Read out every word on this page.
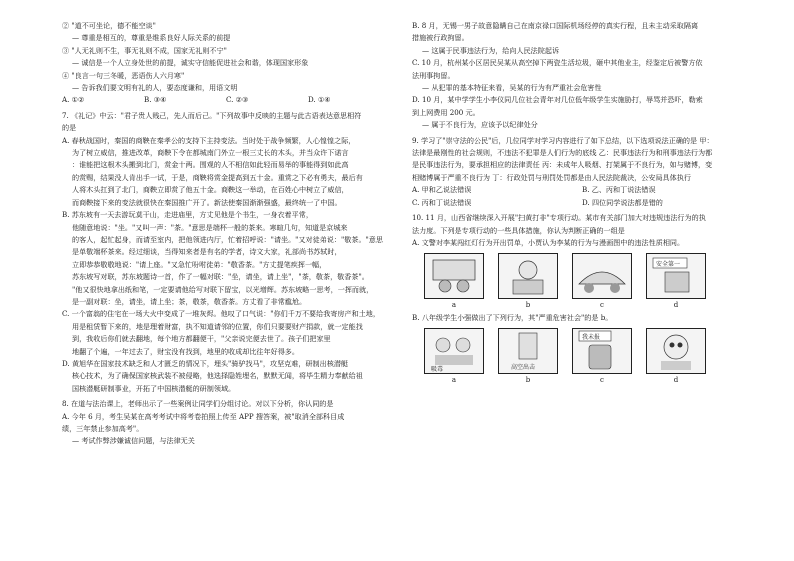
② "道不可坐论，德不能空谈"
— 尊重是相互的，尊重是维系良好人际关系的前提
③ "人无礼则不生，事无礼则不成，国家无礼则不宁"
— 诚信是一个人立身处世的前提，诚实守信能促进社会和谐，体现国家形象
④ "良言一句三冬暖，恶语伤人六月寒"
— 告诉我们要文明有礼的人，要态度谦和，用语文明
A. ①②	B. ③④	C. ②③	D. ①④
7. 《礼记》中云："君子贵人贱己，先人而后己。"下列故事中反映的主题与此古语表达意思相符
的是
A. 春秋战国时，秦国的商鞅在秦孝公的支持下主持变法。当时处于战争频繁，人心惶惶之际，
为了树立威信，推进改革，商鞅下令在都城南门外立一根三丈长的木头，并当众许下诺言
：谁能把这根木头搬到北门，赏金十两。围观的人不相信如此轻而易举的事能得到如此高
的赏赐，结果没人肯出手一试，于是，商鞅将赏金提高到五十金。重赏之下必有勇夫，最后有
人将木头扛到了北门，商鞅立即赏了他五十金。商鞅这一举动，在百姓心中树立了威信，
而商鞅接下来的变法就很快在秦国推广开了。新法使秦国渐渐强盛，最终统一了中国。
B. 苏东坡有一天去游玩莫干山，走进庙里，方丈见他是个书生，一身衣着平常，
他随意地说："坐。"又叫一声："茶。"意思是端杯一般的茶来。寒暄几句，知道是京城来
的客人，起忙起身，而请至室内，把他领进内厅，忙着招呼说："请坐。"又对徒弟说："敬茶。"意思
是单敬端杯茶来。经过细谈，当得知来者是有名的学者，诗文大家，礼部尚书苏轼时，
立即恭恭敬敬地说："请上座。"又急忙吩咐徒弟："敬香茶。"方丈提笔疾挥一幅，
苏东坡写对联，苏东坡题诗一首，作了一幅对联："坐，请坐，请上坐"，"茶，敬茶，敬香茶"。
"他又很快地拿出纸和笔，一定要请他给写对联下留宝，以光增辉。苏东坡略一思考，一挥而就，
是一副对联：坐，请坐，请上坐；茶，敬茶，敬香茶。方丈看了非常尴尬。
C. 一个富翁的住宅在一场大火中变成了一堆灰烬。他叹了口气说："你们千万不要给我寄房产和土地，
用是租赁暂下来的，地是理着财富，执不知道请邻的位置，你们只要要财产捐款，就一定能找
到，我收后你们就去翻地，每个地方都翻便干，"父亲说完便去世了。孩子们把家里
地翻了个遍，一年过去了，财宝没有找到，地里的收成却比往年好得多。
D. 黄旭华在国家技术缺乏和人才匮乏的情况下，埋头"骑驴找马"，攻坚克难，研制出核潜艇
核心技术，为了确保国家核武装不被侵略，他选择隐姓埋名，默默无闻，将毕生精力奉献给祖
国核潜艇研制事业，开拓了中国核潜艇的研制领域。
8. 在道与法治课上，老师出示了一些案例让同学们分组讨论。对以下分析，你认同的是
A. 今年 6 月，考生吴某在高考考试中将考卷拍照上传至 APP 搜答案，被"取消全部科目成
绩，三年禁止参加高考"。
— 考试作弊涉嫌诚信问题，与法律无关
B. 8 月，无锡一男子故意隐瞒自己在南京禄口国际机场经停的真实行程，且未主动采取隔离
措施被行政拘留。
— 这属于民事违法行为，给向人民法院起诉
C. 10 月，杭州某小区居民吴某从高空掉下两瓷生活垃圾，砸中其他业主，经鉴定后被警方依
法刑事拘留。
— 从犯罪的基本特征来看，吴某的行为有严重社会危害性
D. 10 月，某中学学生小李仪同几位社会青年对几位低年级学生实施胁打，辱骂并恐吓，勒索
到上网费用 200 元。
— 属于不良行为，应该予以纪律处分
9. 学习了"崇守法的公民"后，几位同学对学习内容进行了如下总结，以下选项说法正确的是 甲：
法律是最刚性的社会规则，不违法不犯罪是人们行为的底线 乙：民事违法行为和刑事违法行为都
是民事违法行为，要承担相应的法律责任 丙：未成年人吸烟、打架属于不良行为，如与赌博，变
相赌博属于严重不良行为 丁：行政处罚与刑罚处罚都是由人民法院裁决，公安局具体执行
A. 甲和乙说法错误	B. 乙、丙和丁说法错误
C. 丙和丁说法错误	D. 四位同学说法都是错的
10. 11 月，山西省继续深入开展"扫黄打非"专项行动。某市有关部门加大对违规违法行为的执
法力度。下列是专项行动的一些具体措施，你认为判断正确的一组是
A. 文警对李某闯红灯行为开出罚单，小贾认为李某的行为与漫画图中的违法性质相同。
安全第一
a	b	c	d
B. 八年级学生小强做出了下列行为，其"严重危害社会"的是 b。
吸毒	高空出击
我未报
a	b	c	d
